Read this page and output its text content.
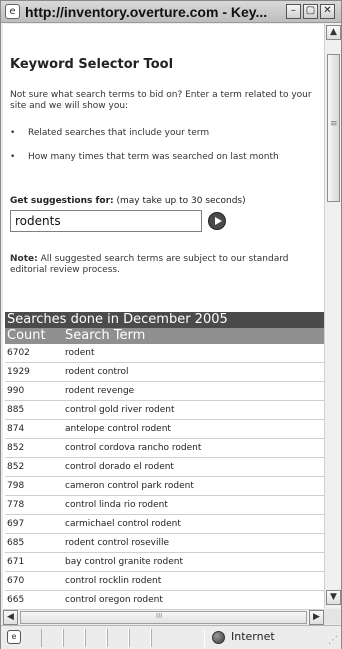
e http://inventory.overture.com - Key...	– ▢ ✕
Keyword Selector Tool
Not sure what search terms to bid on? Enter a term related to your site and we will show you:
• Related searches that include your term
• How many times that term was searched on last month
Get suggestions for: (may take up to 30 seconds)
rodents
Note: All suggested search terms are subject to our standard editorial review process.
Searches done in December 2005
Count	Search Term
6702	rodent
1929	rodent control
990	rodent revenge
885	control gold river rodent
874	antelope control rodent
852	control cordova rancho rodent
852	control dorado el rodent
798	cameron control park rodent
778	control linda rio rodent
697	carmichael control rodent
685	rodent control roseville
671	bay control granite rodent
670	control rocklin rodent
665	control oregon rodent
▲
≡
▼
◀ III	▶
e	Internet	⋰
